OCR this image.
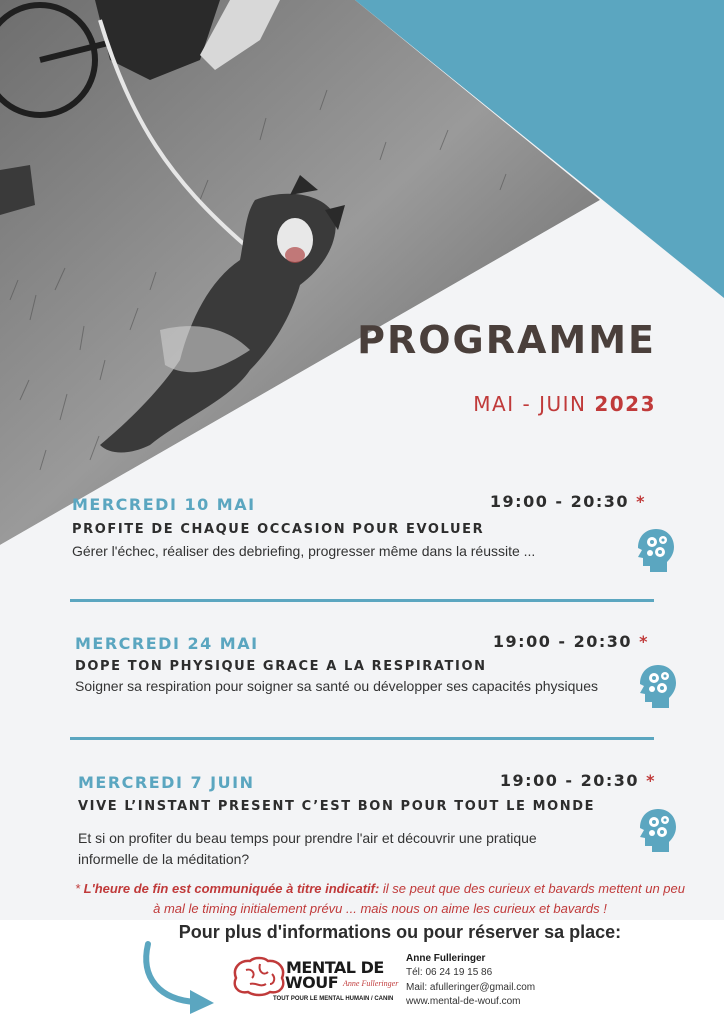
PROGRAMME
MAI - JUIN 2023
MERCREDI 10 MAI	19:00 - 20:30 *
PROFITE DE CHAQUE OCCASION POUR EVOLUER
Gérer l'échec, réaliser des debriefing, progresser même dans la réussite ...
MERCREDI 24 MAI	19:00 - 20:30 *
DOPE TON PHYSIQUE GRACE A LA RESPIRATION
Soigner sa respiration pour soigner sa santé ou développer ses capacités physiques
MERCREDI 7 JUIN	19:00 - 20:30 *
VIVE L’INSTANT PRESENT C’EST BON POUR TOUT LE MONDE
Et si on profiter du beau temps pour prendre l'air et découvrir une pratique informelle de la méditation?
* L'heure de fin est communiquée à titre indicatif: il se peut que des curieux et bavards mettent un peu à mal le timing initialement prévu ... mais nous on aime les curieux et bavards !
Pour plus d'informations ou pour réserver sa place:
MENTAL DE
WOUF Anne Fulleringer
TOUT POUR LE MENTAL HUMAIN / CANIN
Anne Fulleringer
Tél: 06 24 19 15 86
Mail: afulleringer@gmail.com
www.mental-de-wouf.com
